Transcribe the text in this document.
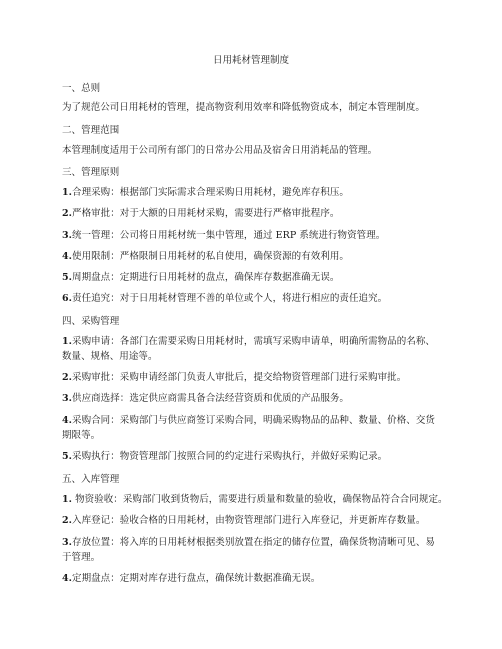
日用耗材管理制度
一、总则
为了规范公司日用耗材的管理，提高物资利用效率和降低物资成本，制定本管理制度。
二、管理范围
本管理制度适用于公司所有部门的日常办公用品及宿舍日用消耗品的管理。
三、管理原则
1.合理采购：根据部门实际需求合理采购日用耗材，避免库存积压。
2.严格审批：对于大额的日用耗材采购，需要进行严格审批程序。
3.统一管理：公司将日用耗材统一集中管理，通过 ERP 系统进行物资管理。
4.使用限制：严格限制日用耗材的私自使用，确保资源的有效利用。
5.周期盘点：定期进行日用耗材的盘点，确保库存数据准确无误。
6.责任追究：对于日用耗材管理不善的单位或个人，将进行相应的责任追究。
四、采购管理
1.采购申请：各部门在需要采购日用耗材时，需填写采购申请单，明确所需物品的名称、
数量、规格、用途等。
2.采购审批：采购申请经部门负责人审批后，提交给物资管理部门进行采购审批。
3.供应商选择：选定供应商需具备合法经营资质和优质的产品服务。
4.采购合同：采购部门与供应商签订采购合同，明确采购物品的品种、数量、价格、交货
期限等。
5.采购执行：物资管理部门按照合同的约定进行采购执行，并做好采购记录。
五、入库管理
1. 物资验收：采购部门收到货物后，需要进行质量和数量的验收，确保物品符合合同规定。
2.入库登记：验收合格的日用耗材，由物资管理部门进行入库登记，并更新库存数量。
3.存放位置：将入库的日用耗材根据类别放置在指定的储存位置，确保货物清晰可见、易
于管理。
4.定期盘点：定期对库存进行盘点，确保统计数据准确无误。
